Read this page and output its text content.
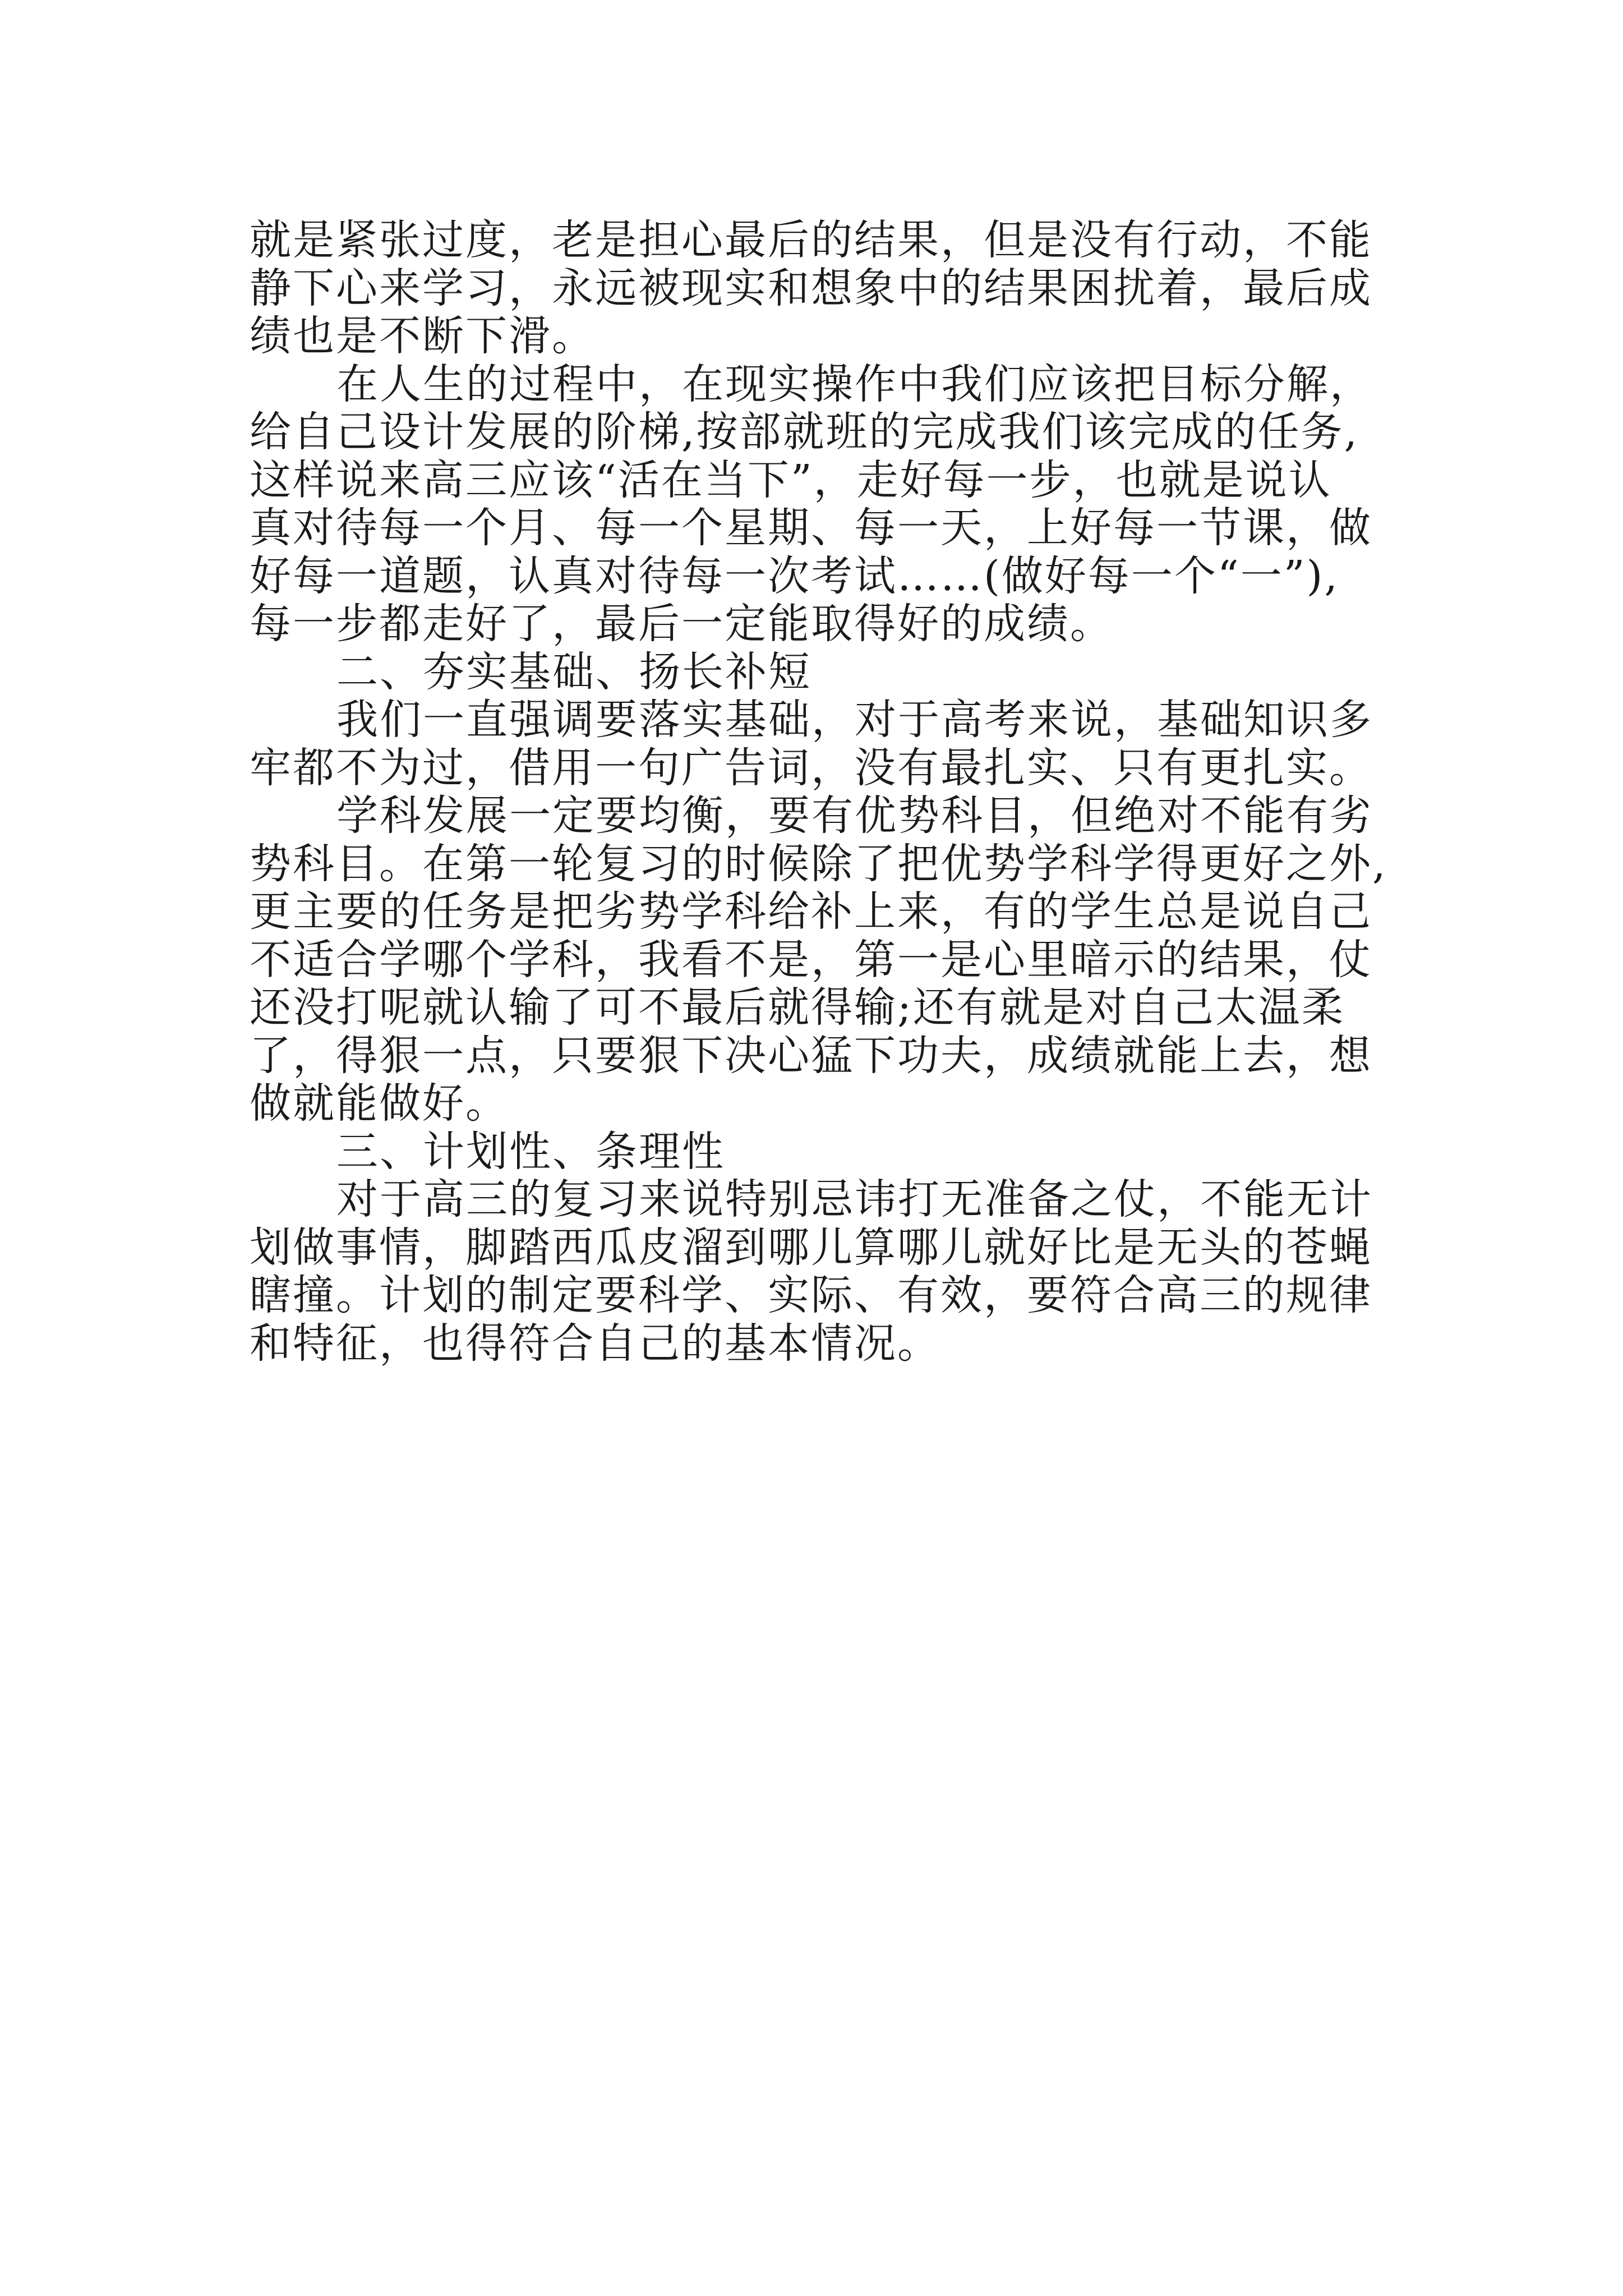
就是紧张过度，老是担心最后的结果，但是没有行动，不能
静下心来学习，永远被现实和想象中的结果困扰着，最后成
绩也是不断下滑。
在人生的过程中，在现实操作中我们应该把目标分解，
给自己设计发展的阶梯,按部就班的完成我们该完成的任务,
这样说来高三应该“活在当下”，走好每一步，也就是说认
真对待每一个月、每一个星期、每一天，上好每一节课，做
好每一道题，认真对待每一次考试……(做好每一个“一”),
每一步都走好了，最后一定能取得好的成绩。
二、夯实基础、扬长补短
我们一直强调要落实基础，对于高考来说，基础知识多
牢都不为过，借用一句广告词，没有最扎实、只有更扎实。
学科发展一定要均衡，要有优势科目，但绝对不能有劣
势科目。在第一轮复习的时候除了把优势学科学得更好之外,
更主要的任务是把劣势学科给补上来，有的学生总是说自己
不适合学哪个学科，我看不是，第一是心里暗示的结果，仗
还没打呢就认输了可不最后就得输;还有就是对自己太温柔
了，得狠一点，只要狠下决心猛下功夫，成绩就能上去，想
做就能做好。
三、计划性、条理性
对于高三的复习来说特别忌讳打无准备之仗，不能无计
划做事情，脚踏西瓜皮溜到哪儿算哪儿就好比是无头的苍蝇
瞎撞。计划的制定要科学、实际、有效，要符合高三的规律
和特征，也得符合自己的基本情况。
